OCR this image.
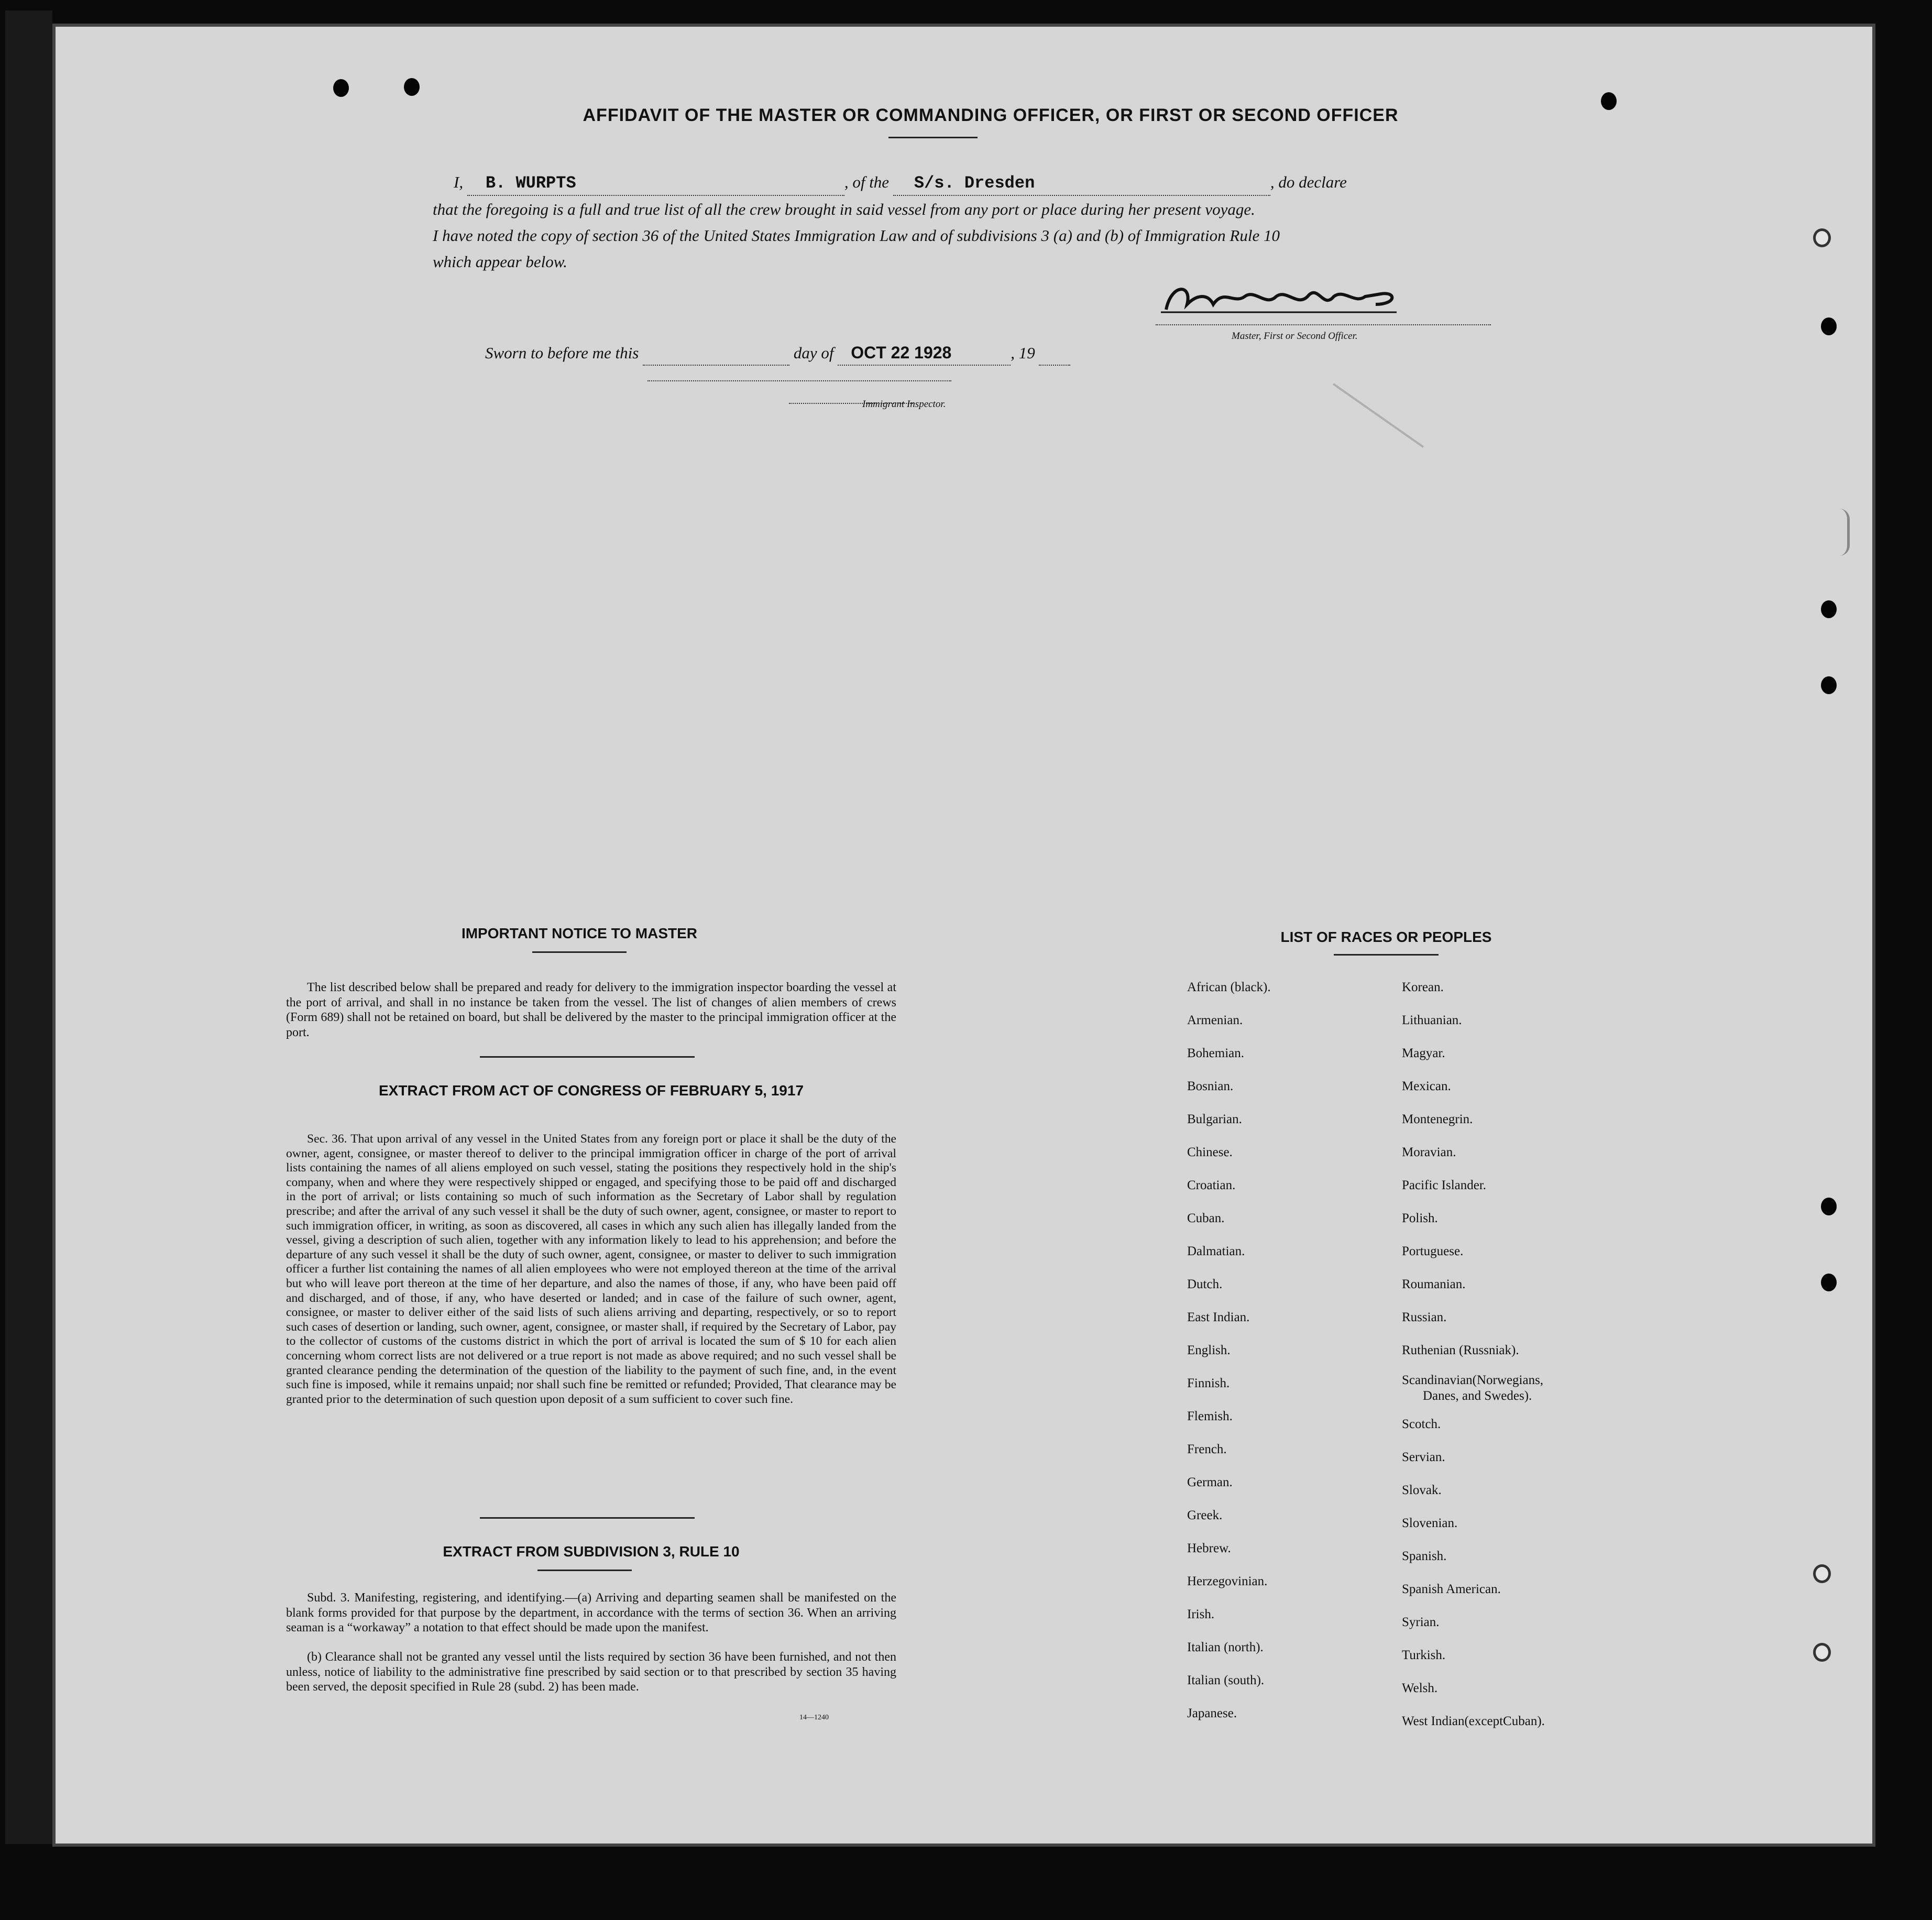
AFFIDAVIT OF THE MASTER OR COMMANDING OFFICER, OR FIRST OR SECOND OFFICER
I, B. WURPTS	, of the S/s. Dresden	, do declare
that the foregoing is a full and true list of all the crew brought in said vessel from any port or place during her present voyage.
I have noted the copy of section 36 of the United States Immigration Law and of subdivisions 3 (a) and (b) of Immigration Rule 10
which appear below.
Master, First or Second Officer.
Sworn to before me this	day of OCT 22 1928	, 19
Immigrant Inspector.
IMPORTANT NOTICE TO MASTER
The list described below shall be prepared and ready for delivery to the immigration inspector boarding the vessel at the port of arrival, and shall in no instance be taken from the vessel. The list of changes of alien members of crews (Form 689) shall not be retained on board, but shall be delivered by the master to the principal immigration officer at the port.
EXTRACT FROM ACT OF CONGRESS OF FEBRUARY 5, 1917
Sec. 36. That upon arrival of any vessel in the United States from any foreign port or place it shall be the duty of the owner, agent, consignee, or master thereof to deliver to the principal immigration officer in charge of the port of arrival lists containing the names of all aliens employed on such vessel, stating the positions they respectively hold in the ship's company, when and where they were respectively shipped or engaged, and specifying those to be paid off and discharged in the port of arrival; or lists containing so much of such information as the Secretary of Labor shall by regulation prescribe; and after the arrival of any such vessel it shall be the duty of such owner, agent, consignee, or master to report to such immigration officer, in writing, as soon as discovered, all cases in which any such alien has illegally landed from the vessel, giving a description of such alien, together with any information likely to lead to his apprehension; and before the departure of any such vessel it shall be the duty of such owner, agent, consignee, or master to deliver to such immigration officer a further list containing the names of all alien employees who were not employed thereon at the time of the arrival but who will leave port thereon at the time of her departure, and also the names of those, if any, who have been paid off and discharged, and of those, if any, who have deserted or landed; and in case of the failure of such owner, agent, consignee, or master to deliver either of the said lists of such aliens arriving and departing, respectively, or so to report such cases of desertion or landing, such owner, agent, consignee, or master shall, if required by the Secretary of Labor, pay to the collector of customs of the customs district in which the port of arrival is located the sum of $ 10 for each alien concerning whom correct lists are not delivered or a true report is not made as above required; and no such vessel shall be granted clearance pending the determination of the question of the liability to the payment of such fine, and, in the event such fine is imposed, while it remains unpaid; nor shall such fine be remitted or refunded; Provided, That clearance may be granted prior to the determination of such question upon deposit of a sum sufficient to cover such fine.
EXTRACT FROM SUBDIVISION 3, RULE 10
Subd. 3. Manifesting, registering, and identifying.—(a) Arriving and departing seamen shall be manifested on the blank forms provided for that purpose by the department, in accordance with the terms of section 36. When an arriving seaman is a “workaway” a notation to that effect should be made upon the manifest.
(b) Clearance shall not be granted any vessel until the lists required by section 36 have been furnished, and not then unless, notice of liability to the administrative fine prescribed by said section or to that prescribed by section 35 having been served, the deposit specified in Rule 28 (subd. 2) has been made.
14—1240
LIST OF RACES OR PEOPLES
African (black).
Armenian.
Bohemian.
Bosnian.
Bulgarian.
Chinese.
Croatian.
Cuban.
Dalmatian.
Dutch.
East Indian.
English.
Finnish.
Flemish.
French.
German.
Greek.
Hebrew.
Herzegovinian.
Irish.
Italian (north).
Italian (south).
Japanese.
Korean.
Lithuanian.
Magyar.
Mexican.
Montenegrin.
Moravian.
Pacific Islander.
Polish.
Portuguese.
Roumanian.
Russian.
Ruthenian (Russniak).
Scandinavian(Norwegians,
Danes, and Swedes).
Scotch.
Servian.
Slovak.
Slovenian.
Spanish.
Spanish American.
Syrian.
Turkish.
Welsh.
West Indian(exceptCuban).
